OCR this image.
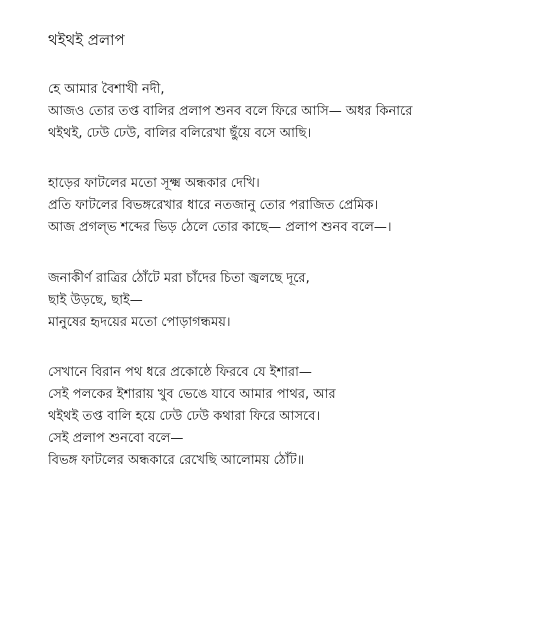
থইথই প্রলাপ
হে আমার বৈশাখী নদী,
আজও তোর তপ্ত বালির প্রলাপ শুনব বলে ফিরে আসি— অধর কিনারে
থইথই, ঢেউ ঢেউ, বালির বলিরেখা ছুঁয়ে বসে আছি।
হাড়ের ফাটলের মতো সূক্ষ্ম অন্ধকার দেখি।
প্রতি ফাটলের বিভঙ্গরেখার ধারে নতজানু তোর পরাজিত প্রেমিক।
আজ প্রগল্ভ শব্দের ভিড় ঠেলে তোর কাছে— প্রলাপ শুনব বলে—।
জনাকীর্ণ রাত্রির ঠোঁটে মরা চাঁদের চিতা জ্বলছে দূরে,
ছাই উড়ছে, ছাই—
মানুষের হৃদয়ের মতো পোড়াগন্ধময়।
সেখানে বিরান পথ ধরে প্রকোষ্ঠে ফিরবে যে ইশারা—
সেই পলকের ইশারায় খুব ভেঙে যাবে আমার পাথর, আর
থইথই তপ্ত বালি হয়ে ঢেউ ঢেউ কথারা ফিরে আসবে।
সেই প্রলাপ শুনবো বলে—
বিভঙ্গ ফাটলের অন্ধকারে রেখেছি আলোময় ঠোঁট॥
